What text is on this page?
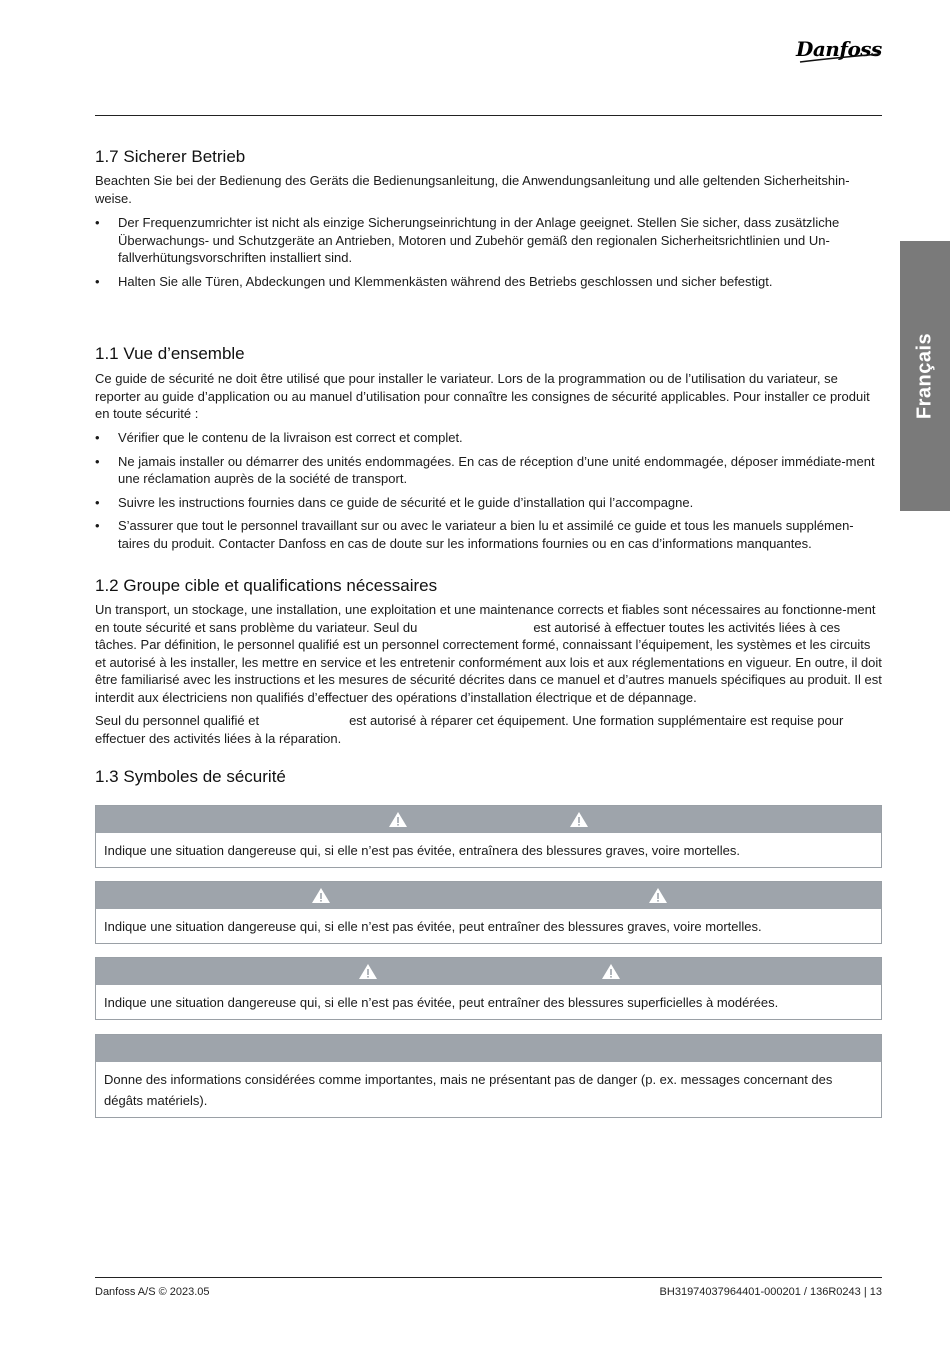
Danfoss
Français
1.7 Sicherer Betrieb

Beachten Sie bei der Bedienung des Geräts die Bedienungsanleitung, die Anwendungsanleitung und alle geltenden Sicherheitshin-weise.

• Der Frequenzumrichter ist nicht als einzige Sicherungseinrichtung in der Anlage geeignet. Stellen Sie sicher, dass zusätzliche Überwachungs- und Schutzgeräte an Antrieben, Motoren und Zubehör gemäß den regionalen Sicherheitsrichtlinien und Un-fallverhütungsvorschriften installiert sind.
• Halten Sie alle Türen, Abdeckungen und Klemmenkästen während des Betriebs geschlossen und sicher befestigt.
1.1 Vue d’ensemble

Ce guide de sécurité ne doit être utilisé que pour installer le variateur. Lors de la programmation ou de l’utilisation du variateur, se reporter au guide d’application ou au manuel d’utilisation pour connaître les consignes de sécurité applicables. Pour installer ce produit en toute sécurité :

• Vérifier que le contenu de la livraison est correct et complet.
• Ne jamais installer ou démarrer des unités endommagées. En cas de réception d’une unité endommagée, déposer immédiate-ment une réclamation auprès de la société de transport.
• Suivre les instructions fournies dans ce guide de sécurité et le guide d’installation qui l’accompagne.
• S’assurer que tout le personnel travaillant sur ou avec le variateur a bien lu et assimilé ce guide et tous les manuels supplémen-taires du produit. Contacter Danfoss en cas de doute sur les informations fournies ou en cas d’informations manquantes.
1.2 Groupe cible et qualifications nécessaires

Un transport, un stockage, une installation, une exploitation et une maintenance corrects et fiables sont nécessaires au fonctionne-ment en toute sécurité et sans problème du variateur. Seul du	est autorisé à effectuer toutes les activités liées à ces tâches. Par définition, le personnel qualifié est un personnel correctement formé, connaissant l’équipement, les systèmes et les circuits et autorisé à les installer, les mettre en service et les entretenir conformément aux lois et aux réglementations en vigueur. En outre, il doit être familiarisé avec les instructions et les mesures de sécurité décrites dans ce manuel et d’autres manuels spécifiques au produit. Il est interdit aux électriciens non qualifiés d’effectuer des opérations d’installation électrique et de dépannage.

Seul du personnel qualifié et	est autorisé à réparer cet équipement. Une formation supplémentaire est requise pour effectuer des activités liées à la réparation.

1.3 Symboles de sécurité
Indique une situation dangereuse qui, si elle n’est pas évitée, entraînera des blessures graves, voire mortelles.
Indique une situation dangereuse qui, si elle n’est pas évitée, peut entraîner des blessures graves, voire mortelles.
Indique une situation dangereuse qui, si elle n’est pas évitée, peut entraîner des blessures superficielles à modérées.
Donne des informations considérées comme importantes, mais ne présentant pas de danger (p. ex. messages concernant des dégâts matériels).
Danfoss A/S © 2023.05	BH31974037964401-000201 / 136R0243 | 13
